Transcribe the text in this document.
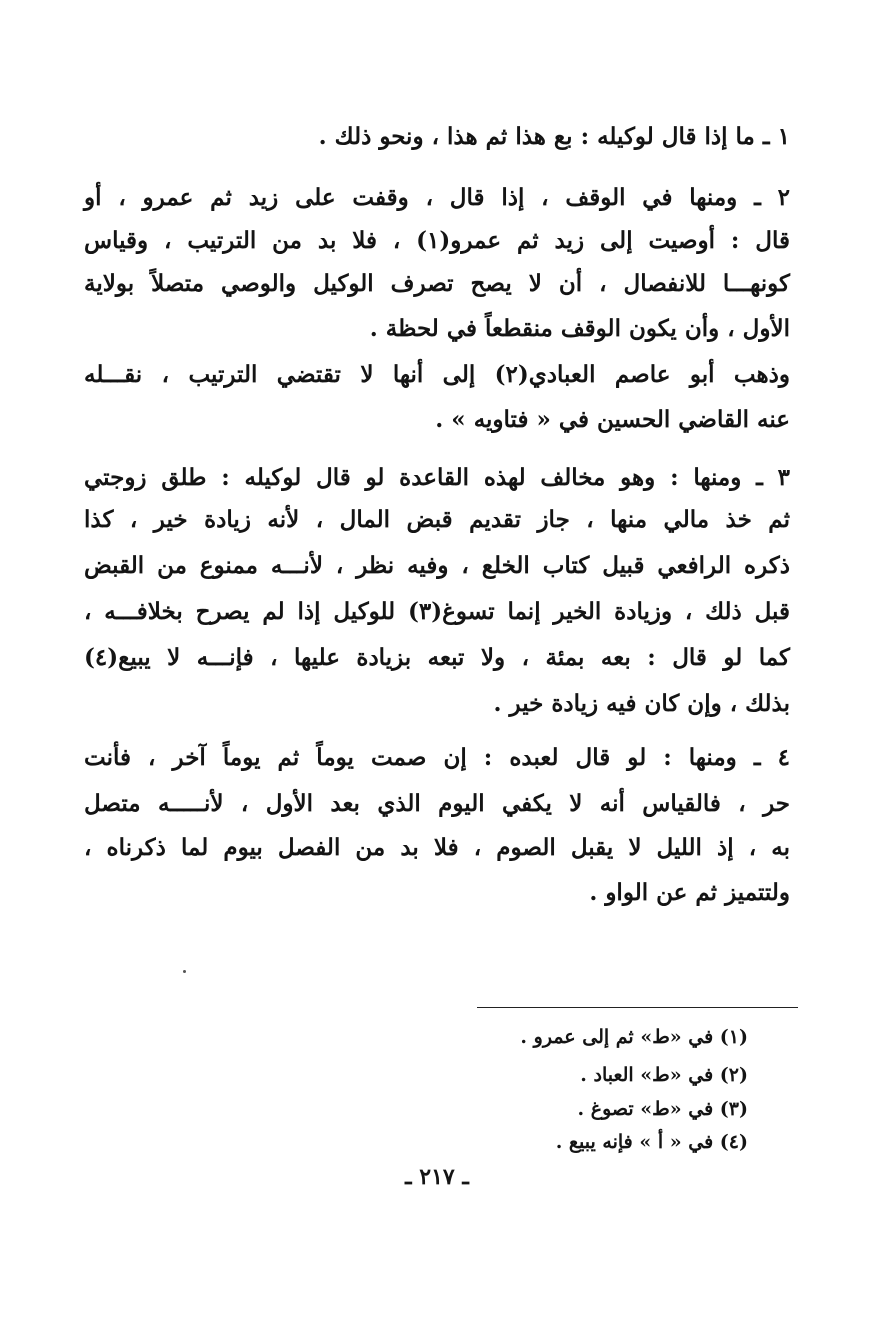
١ ـ ما إذا قال لوكيله : بع هذا ثم هذا ، ونحو ذلك .
٢ ـ ومنها في الوقف ، إذا قال ، وقفت على زيد ثم عمرو ، أو
قال : أوصيت إلى زيد ثم عمرو(١) ، فلا بد من الترتيب ، وقياس
كونهـــا للانفصال ، أن لا يصح تصرف الوكيل والوصي متصلاً بولاية
الأول ، وأن يكون الوقف منقطعاً في لحظة .
وذهب أبو عاصم العبادي(٢) إلى أنها لا تقتضي الترتيب ، نقـــله
عنه القاضي الحسين في « فتاويه » .
٣ ـ ومنها : وهو مخالف لهذه القاعدة لو قال لوكيله : طلق زوجتي
ثم خذ مالي منها ، جاز تقديم قبض المال ، لأنه زيادة خير ، كذا
ذكره الرافعي قبيل كتاب الخلع ، وفيه نظر ، لأنـــه ممنوع من القبض
قبل ذلك ، وزيادة الخير إنما تسوغ(٣) للوكيل إذا لم يصرح بخلافـــه ،
كما لو قال : بعه بمئة ، ولا تبعه بزيادة عليها ، فإنـــه لا يبيع(٤)
بذلك ، وإن كان فيه زيادة خير .
٤ ـ ومنها : لو قال لعبده : إن صمت يوماً ثم يوماً آخر ، فأنت
حر ، فالقياس أنه لا يكفي اليوم الذي بعد الأول ، لأنـــــه متصل
به ، إذ الليل لا يقبل الصوم ، فلا بد من الفصل بيوم لما ذكرناه ،
ولتتميز ثم عن الواو .
(١) في «ط» ثم إلى عمرو .
(٢) في «ط» العباد .
(٣) في «ط» تصوغ .
(٤) في « أ » فإنه يبيع .
ـ ٢١٧ ـ
